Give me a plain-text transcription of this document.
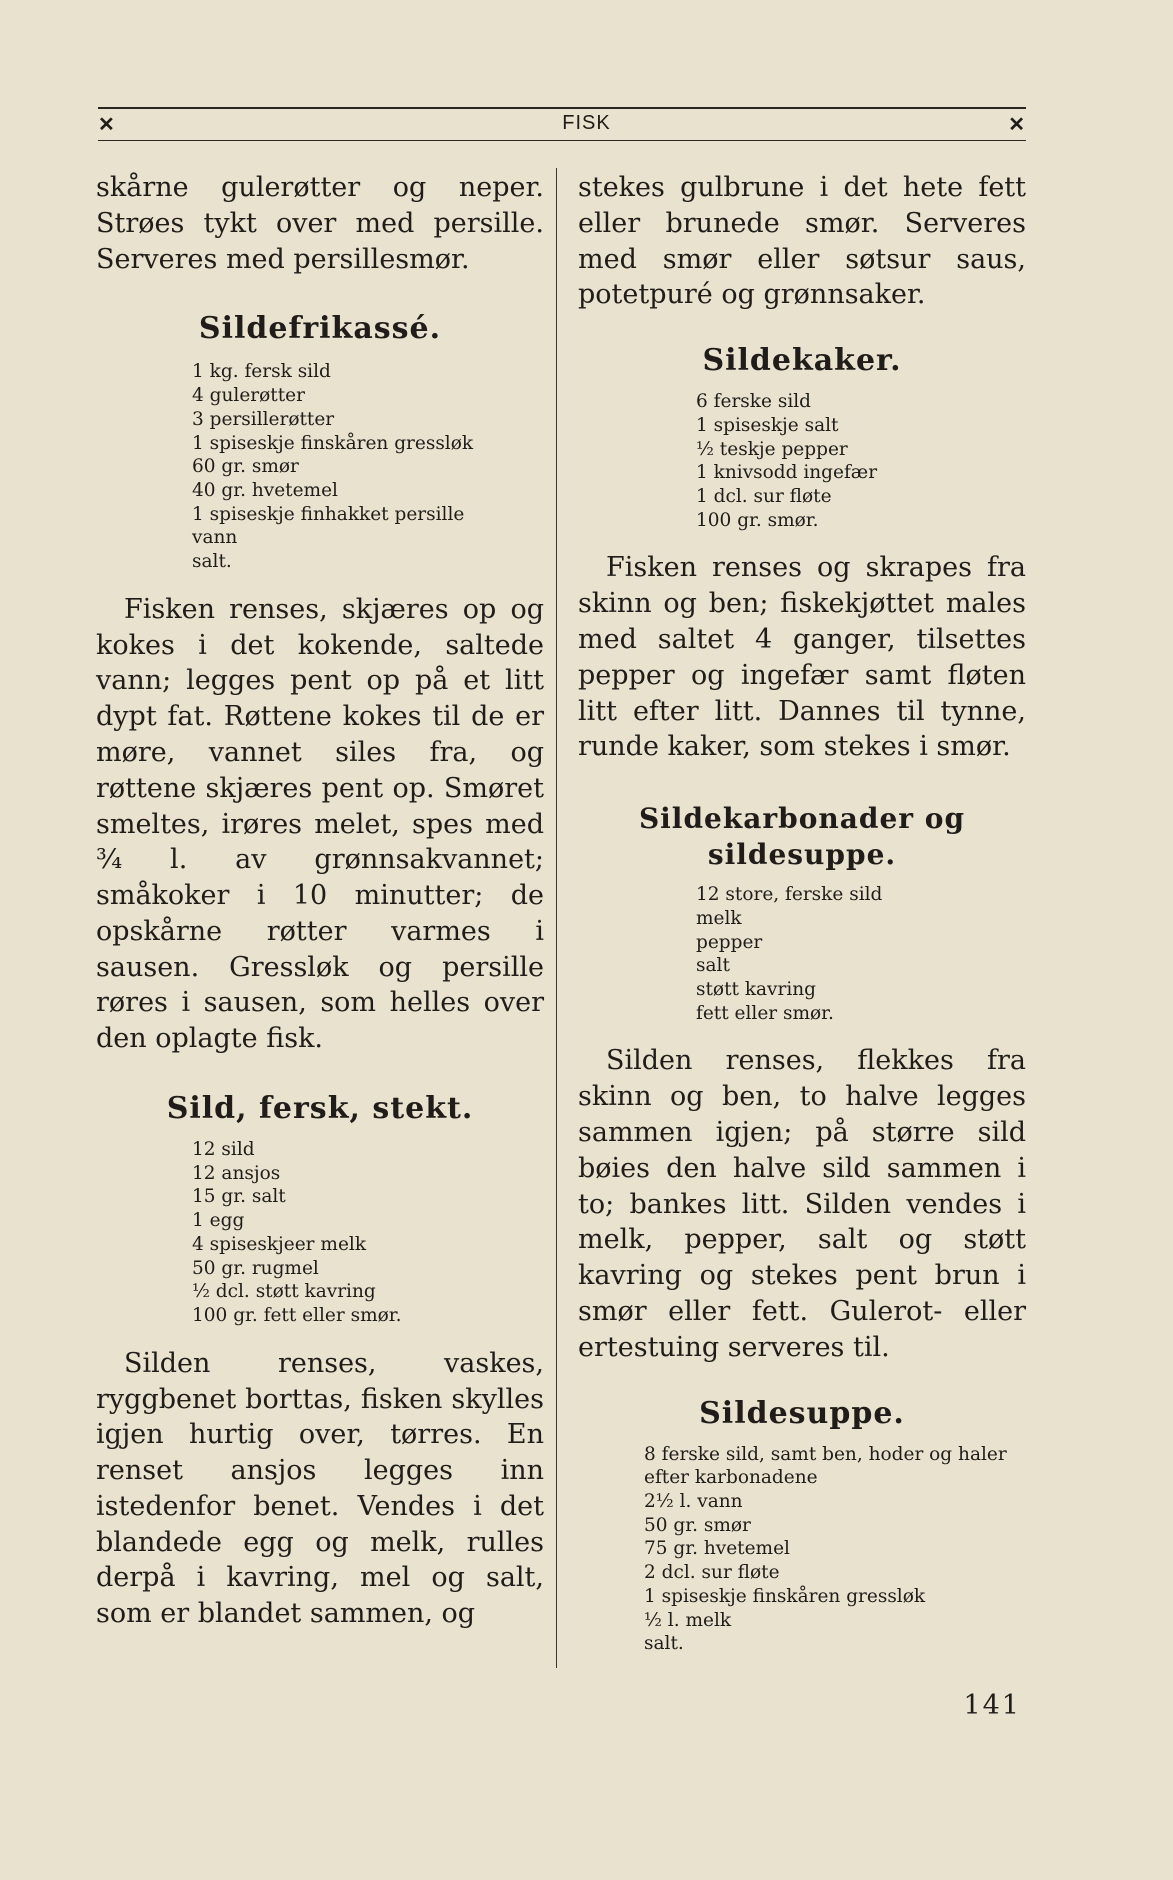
✕	FISK	✕

skårne gulerøtter og neper. Strøes tykt over med persille. Serveres med persillesmør.

Sildefrikassé.
1 kg. fersk sild
4 gulerøtter
3 persillerøtter
1 spiseskje finskåren gressløk
60 gr. smør
40 gr. hvetemel
1 spiseskje finhakket persille
vann
salt.

Fisken renses, skjæres op og kokes i det kokende, saltede vann; legges pent op på et litt dypt fat. Røttene kokes til de er møre, vannet siles fra, og røttene skjæres pent op. Smøret smeltes, irøres melet, spes med ¾ l. av grønnsakvannet; småkoker i 10 minutter; de opskårne røtter varmes i sausen. Gressløk og persille røres i sausen, som helles over den oplagte fisk.

Sild, fersk, stekt.
12 sild
12 ansjos
15 gr. salt
1 egg
4 spiseskjeer melk
50 gr. rugmel
½ dcl. støtt kavring
100 gr. fett eller smør.

Silden renses, vaskes, ryggbenet borttas, fisken skylles igjen hurtig over, tørres. En renset ansjos legges inn istedenfor benet. Vendes i det blandede egg og melk, rulles derpå i kavring, mel og salt, som er blandet sammen, og

stekes gulbrune i det hete fett eller brunede smør. Serveres med smør eller søtsur saus, potetpuré og grønnsaker.

Sildekaker.
6 ferske sild
1 spiseskje salt
½ teskje pepper
1 knivsodd ingefær
1 dcl. sur fløte
100 gr. smør.

Fisken renses og skrapes fra skinn og ben; fiskekjøttet males med saltet 4 ganger, tilsettes pepper og ingefær samt fløten litt efter litt. Dannes til tynne, runde kaker, som stekes i smør.

Sildekarbonader og sildesuppe.
12 store, ferske sild
melk
pepper
salt
støtt kavring
fett eller smør.

Silden renses, flekkes fra skinn og ben, to halve legges sammen igjen; på større sild bøies den halve sild sammen i to; bankes litt. Silden vendes i melk, pepper, salt og støtt kavring og stekes pent brun i smør eller fett. Gulerot- eller ertestuing serveres til.

Sildesuppe.
8 ferske sild, samt ben, hoder og haler efter karbonadene
2½ l. vann
50 gr. smør
75 gr. hvetemel
2 dcl. sur fløte
1 spiseskje finskåren gressløk
½ l. melk
salt.
141
